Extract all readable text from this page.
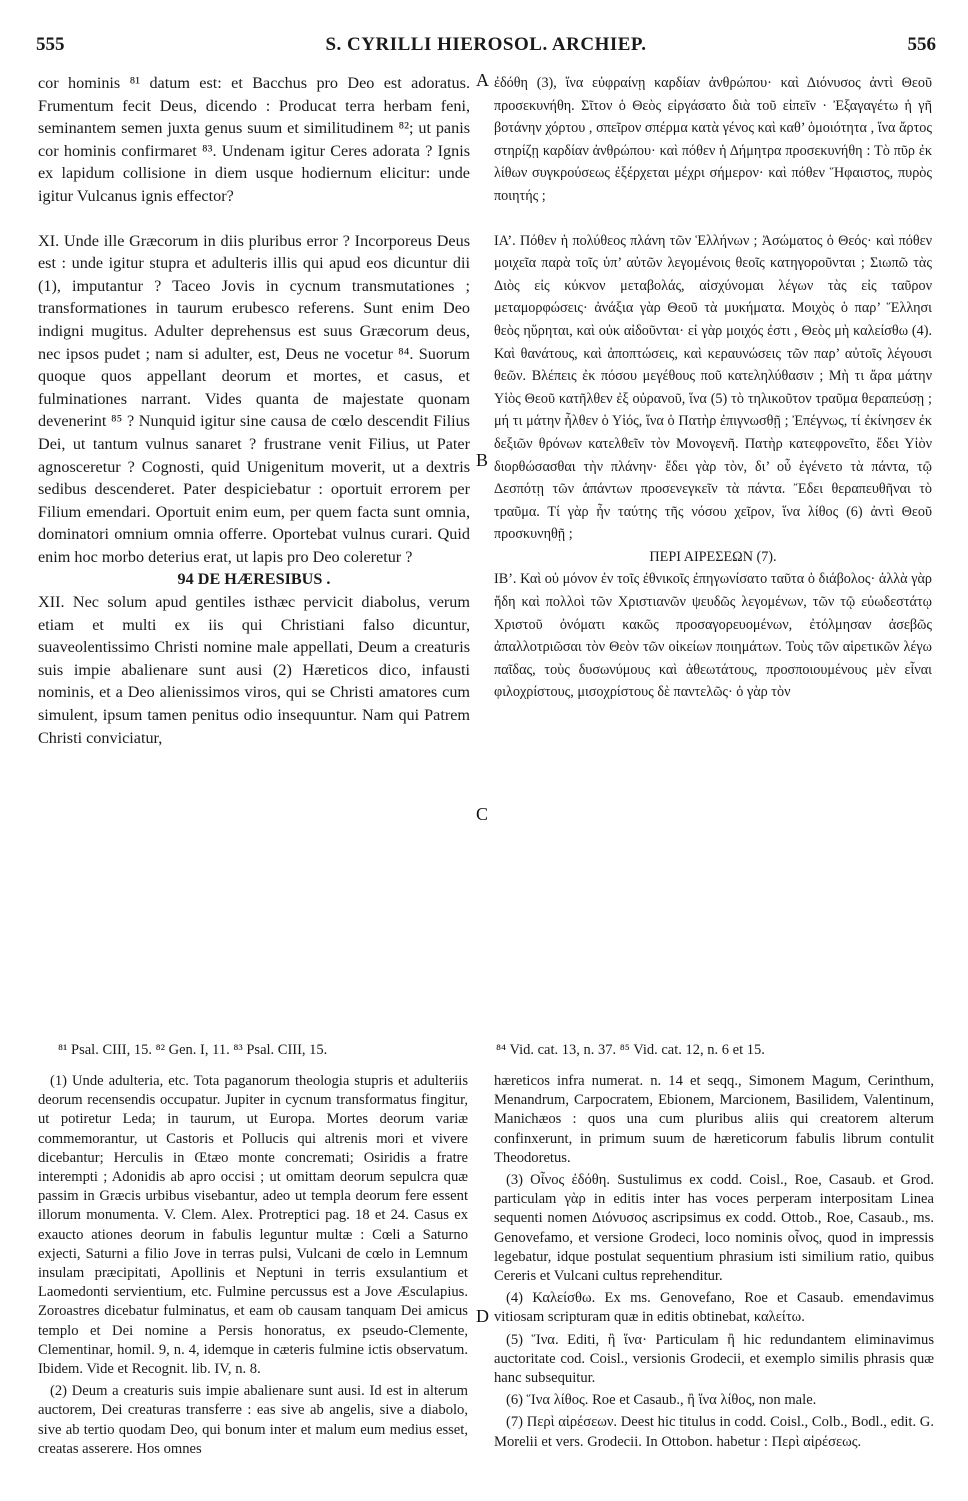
555	S. CYRILLI HIEROSOL. ARCHIEP.	556
A
B
C
D

cor hominis ⁸¹ datum est: et Bacchus pro Deo est adoratus. Frumentum fecit Deus, dicendo : Producat terra herbam feni, seminantem semen juxta genus suum et similitudinem ⁸²; ut panis cor hominis confirmaret ⁸³. Undenam igitur Ceres adorata ? Ignis ex lapidum collisione in diem usque hodiernum elicitur: unde igitur Vulcanus ignis effector?

XI. Unde ille Græcorum in diis pluribus error ? Incorporeus Deus est : unde igitur stupra et adulteris illis qui apud eos dicuntur dii (1), imputantur ? Taceo Jovis in cycnum transmutationes ; transformationes in taurum erubesco referens. Sunt enim Deo indigni mugitus. Adulter deprehensus est suus Græcorum deus, nec ipsos pudet ; nam si adulter, est, Deus ne vocetur ⁸⁴. Suorum quoque quos appellant deorum et mortes, et casus, et fulminationes narrant. Vides quanta de majestate quonam devenerint ⁸⁵ ? Nunquid igitur sine causa de cœlo descendit Filius Dei, ut tantum vulnus sanaret ? frustrane venit Filius, ut Pater agnosceretur ? Cognosti, quid Unigenitum moverit, ut a dextris sedibus descenderet. Pater despiciebatur : oportuit errorem per Filium emendari. Oportuit enim eum, per quem facta sunt omnia, dominatori omnium omnia offerre. Oportebat vulnus curari. Quid enim hoc morbo deterius erat, ut lapis pro Deo coleretur ?

94 DE HÆRESIBUS .

XII. Nec solum apud gentiles isthæc pervicit diabolus, verum etiam et multi ex iis qui Christiani falso dicuntur, suaveolentissimo Christi nomine male appellati, Deum a creaturis suis impie abalienare sunt ausi (2) Hæreticos dico, infausti nominis, et a Deo alienissimos viros, qui se Christi amatores cum simulent, ipsum tamen penitus odio insequuntur. Nam qui Patrem Christi conviciatur,

ἐδόθη (3), ἵνα εὐφραίνῃ καρδίαν ἀνθρώπου· καὶ Διόνυσος ἀντὶ Θεοῦ προσεκυνήθη. Σῖτον ὁ Θεὸς εἰργάσατο διὰ τοῦ εἰπεῖν · Ἐξαγαγέτω ἡ γῆ βοτάνην χόρτου , σπεῖρον σπέρμα κατὰ γένος καὶ καθ’ ὁμοιότητα , ἵνα ἄρτος στηρίζῃ καρδίαν ἀνθρώπου· καὶ πόθεν ἡ Δήμητρα προσεκυνήθη : Τὸ πῦρ ἐκ λίθων συγκρούσεως ἐξέρχεται μέχρι σήμερον· καὶ πόθεν Ἥφαιστος, πυρὸς ποιητής ;

ΙΑ’. Πόθεν ἡ πολύθεος πλάνη τῶν Ἑλλήνων ; Ἀσώματος ὁ Θεός· καὶ πόθεν μοιχεῖα παρὰ τοῖς ὑπ’ αὐτῶν λεγομένοις θεοῖς κατηγοροῦνται ; Σιωπῶ τὰς Διὸς εἰς κύκνον μεταβολάς, αἰσχύνομαι λέγων τὰς εἰς ταῦρον μεταμορφώσεις· ἀνάξια γὰρ Θεοῦ τὰ μυκήματα. Μοιχὸς ὁ παρ’ Ἕλλησι θεὸς ηὕρηται, καὶ οὐκ αἰδοῦνται· εἰ γὰρ μοιχός ἐστι , Θεὸς μὴ καλείσθω (4). Καὶ θανάτους, καὶ ἀποπτώσεις, καὶ κεραυνώσεις τῶν παρ’ αὐτοῖς λέγουσι θεῶν. Βλέπεις ἐκ πόσου μεγέθους ποῦ κατεληλύθασιν ; Μὴ τι ἄρα μάτην Υἱὸς Θεοῦ κατῆλθεν ἐξ οὐρανοῦ, ἵνα (5) τὸ τηλικοῦτον τραῦμα θεραπεύσῃ ; μή τι μάτην ἦλθεν ὁ Υἱός, ἵνα ὁ Πατὴρ ἐπιγνωσθῇ ; Ἐπέγνως, τί ἐκίνησεν ἐκ δεξιῶν θρόνων κατελθεῖν τὸν Μονογενῆ. Πατὴρ κατεφρονεῖτο, ἔδει Υἱὸν διορθώσασθαι τὴν πλάνην· ἔδει γὰρ τὸν, δι’ οὗ ἐγένετο τὰ πάντα, τῷ Δεσπότῃ τῶν ἁπάντων προσενεγκεῖν τὰ πάντα. Ἔδει θεραπευθῆναι τὸ τραῦμα. Τί γὰρ ἦν ταύτης τῆς νόσου χεῖρον, ἵνα λίθος (6) ἀντὶ Θεοῦ προσκυνηθῇ ;

ΠΕΡΙ ΑΙΡΕΣΕΩΝ (7).

ΙΒ’. Καὶ οὐ μόνον ἐν τοῖς ἐθνικοῖς ἐπηγωνίσατο ταῦτα ὁ διάβολος· ἀλλὰ γὰρ ἤδη καὶ πολλοὶ τῶν Χριστιανῶν ψευδῶς λεγομένων, τῶν τῷ εὐωδεστάτῳ Χριστοῦ ὀνόματι κακῶς προσαγορευομένων, ἐτόλμησαν ἀσεβῶς ἀπαλλοτριῶσαι τὸν Θεὸν τῶν οἰκείων ποιημάτων. Τοὺς τῶν αἱρετικῶν λέγω παῖδας, τοὺς δυσωνύμους καὶ ἀθεωτάτους, προσποιουμένους μὲν εἶναι φιλοχρίστους, μισοχρίστους δὲ παντελῶς· ὁ γὰρ τὸν

⁸¹ Psal. CIII, 15. ⁸² Gen. I, 11. ⁸³ Psal. CIII, 15.	⁸⁴ Vid. cat. 13, n. 37. ⁸⁵ Vid. cat. 12, n. 6 et 15.

(1) Unde adulteria, etc. Tota paganorum theologia stupris et adulteriis deorum recensendis occupatur. Jupiter in cycnum transformatus fingitur, ut potiretur Leda; in taurum, ut Europa. Mortes deorum variæ commemorantur, ut Castoris et Pollucis qui altrenis mori et vivere dicebantur; Herculis in Œtæo monte concremati; Osiridis a fratre interempti ; Adonidis ab apro occisi ; ut omittam deorum sepulcra quæ passim in Græcis urbibus visebantur, adeo ut templa deorum fere essent illorum monumenta. V. Clem. Alex. Protreptici pag. 18 et 24. Casus ex exaucto ationes deorum in fabulis leguntur multæ : Cœli a Saturno exjecti, Saturni a filio Jove in terras pulsi, Vulcani de cœlo in Lemnum insulam præcipitati, Apollinis et Neptuni in terris exsulantium et Laomedonti servientium, etc. Fulmine percussus est a Jove Æsculapius. Zoroastres dicebatur fulminatus, et eam ob causam tanquam Dei amicus templo et Dei nomine a Persis honoratus, ex pseudo-Clemente, Clementinar, homil. 9, n. 4, idemque in cæteris fulmine ictis observatum. Ibidem. Vide et Recognit. lib. IV, n. 8.

(2) Deum a creaturis suis impie abalienare sunt ausi. Id est in alterum auctorem, Dei creaturas transferre : eas sive ab angelis, sive a diabolo, sive ab tertio quodam Deo, qui bonum inter et malum eum medius esset, creatas asserere. Hos omnes

hæreticos infra numerat. n. 14 et seqq., Simonem Magum, Cerinthum, Menandrum, Carpocratem, Ebionem, Marcionem, Basilidem, Valentinum, Manichæos : quos una cum pluribus aliis qui creatorem alterum confinxerunt, in primum suum de hæreticorum fabulis librum contulit Theodoretus.

(3) Οἶνος ἐδόθη. Sustulimus ex codd. Coisl., Roe, Casaub. et Grod. particulam γὰρ in editis inter has voces perperam interpositam Linea sequenti nomen Διόνυσος ascripsimus ex codd. Ottob., Roe, Casaub., ms. Genovefamo, et versione Grodeci, loco nominis οἶνος, quod in impressis legebatur, idque postulat sequentium phrasium isti similium ratio, quibus Cereris et Vulcani cultus reprehenditur.

(4) Καλείσθω. Ex ms. Genovefano, Roe et Casaub. emendavimus vitiosam scripturam quæ in editis obtinebat, καλείτω.

(5) Ἵνα. Editi, ἢ ἵνα· Particulam ἢ hic redundantem eliminavimus auctoritate cod. Coisl., versionis Grodecii, et exemplo similis phrasis quæ hanc subsequitur.

(6) Ἵνα λίθος. Roe et Casaub., ἢ ἵνα λίθος, non male.

(7) Περὶ αἱρέσεων. Deest hic titulus in codd. Coisl., Colb., Bodl., edit. G. Morelii et vers. Grodecii. In Ottobon. habetur : Περὶ αἱρέσεως.
